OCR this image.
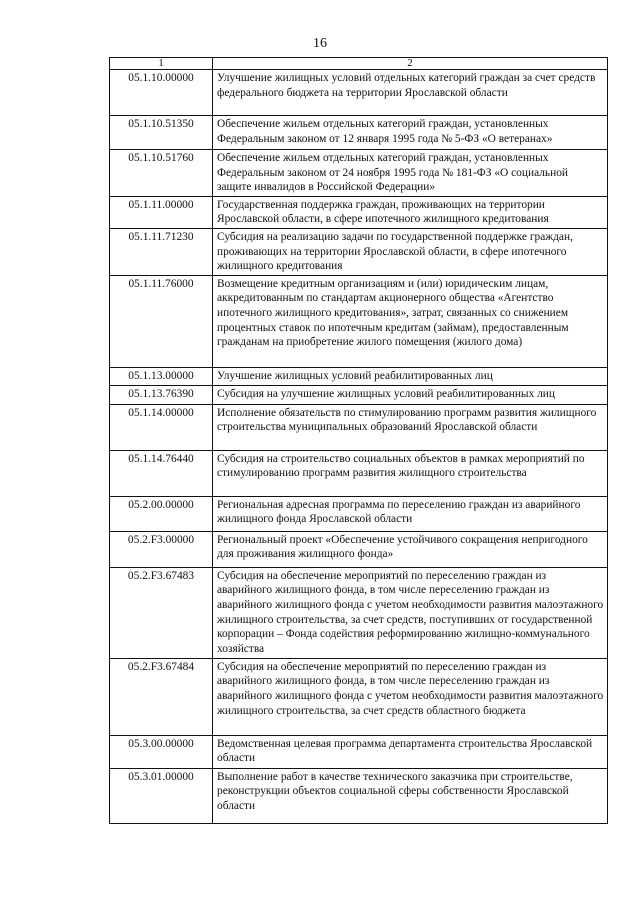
16
1	2
05.1.10.00000	Улучшение жилищных условий отдельных категорий граждан за счет средств федерального бюджета на территории Ярославской области
05.1.10.51350	Обеспечение жильем отдельных категорий граждан, установленных Федеральным законом от 12 января 1995 года № 5-ФЗ «О ветеранах»
05.1.10.51760	Обеспечение жильем отдельных категорий граждан, установленных Федеральным законом от 24 ноября 1995 года № 181-ФЗ «О социальной защите инвалидов в Российской Федерации»
05.1.11.00000	Государственная поддержка граждан, проживающих на территории Ярославской области, в сфере ипотечного жилищного кредитования
05.1.11.71230	Субсидия на реализацию задачи по государственной поддержке граждан, проживающих на территории Ярославской области, в сфере ипотечного жилищного кредитования
05.1.11.76000	Возмещение кредитным организациям и (или) юридическим лицам, аккредитованным по стандартам акционерного общества «Агентство ипотечного жилищного кредитования», затрат, связанных со снижением процентных ставок по ипотечным кредитам (займам), предоставленным гражданам на приобретение жилого помещения (жилого дома)
05.1.13.00000	Улучшение жилищных условий реабилитированных лиц
05.1.13.76390	Субсидия на улучшение жилищных условий реабилитированных лиц
05.1.14.00000	Исполнение обязательств по стимулированию программ развития жилищного строительства муниципальных образований Ярославской области
05.1.14.76440	Субсидия на строительство социальных объектов в рамках мероприятий по стимулированию программ развития жилищного строительства
05.2.00.00000	Региональная адресная программа по переселению граждан из аварийного жилищного фонда Ярославской области
05.2.F3.00000	Региональный проект «Обеспечение устойчивого сокращения непригодного для проживания жилищного фонда»
05.2.F3.67483	Субсидия на обеспечение мероприятий по переселению граждан из аварийного жилищного фонда, в том числе переселению граждан из аварийного жилищного фонда с учетом необходимости развития малоэтажного жилищного строительства, за счет средств, поступивших от государственной корпорации – Фонда содействия реформированию жилищно-коммунального хозяйства
05.2.F3.67484	Субсидия на обеспечение мероприятий по переселению граждан из аварийного жилищного фонда, в том числе переселению граждан из аварийного жилищного фонда с учетом необходимости развития малоэтажного жилищного строительства, за счет средств областного бюджета
05.3.00.00000	Ведомственная целевая программа департамента строительства Ярославской области
05.3.01.00000	Выполнение работ в качестве технического заказчика при строительстве, реконструкции объектов социальной сферы собственности Ярославской области
